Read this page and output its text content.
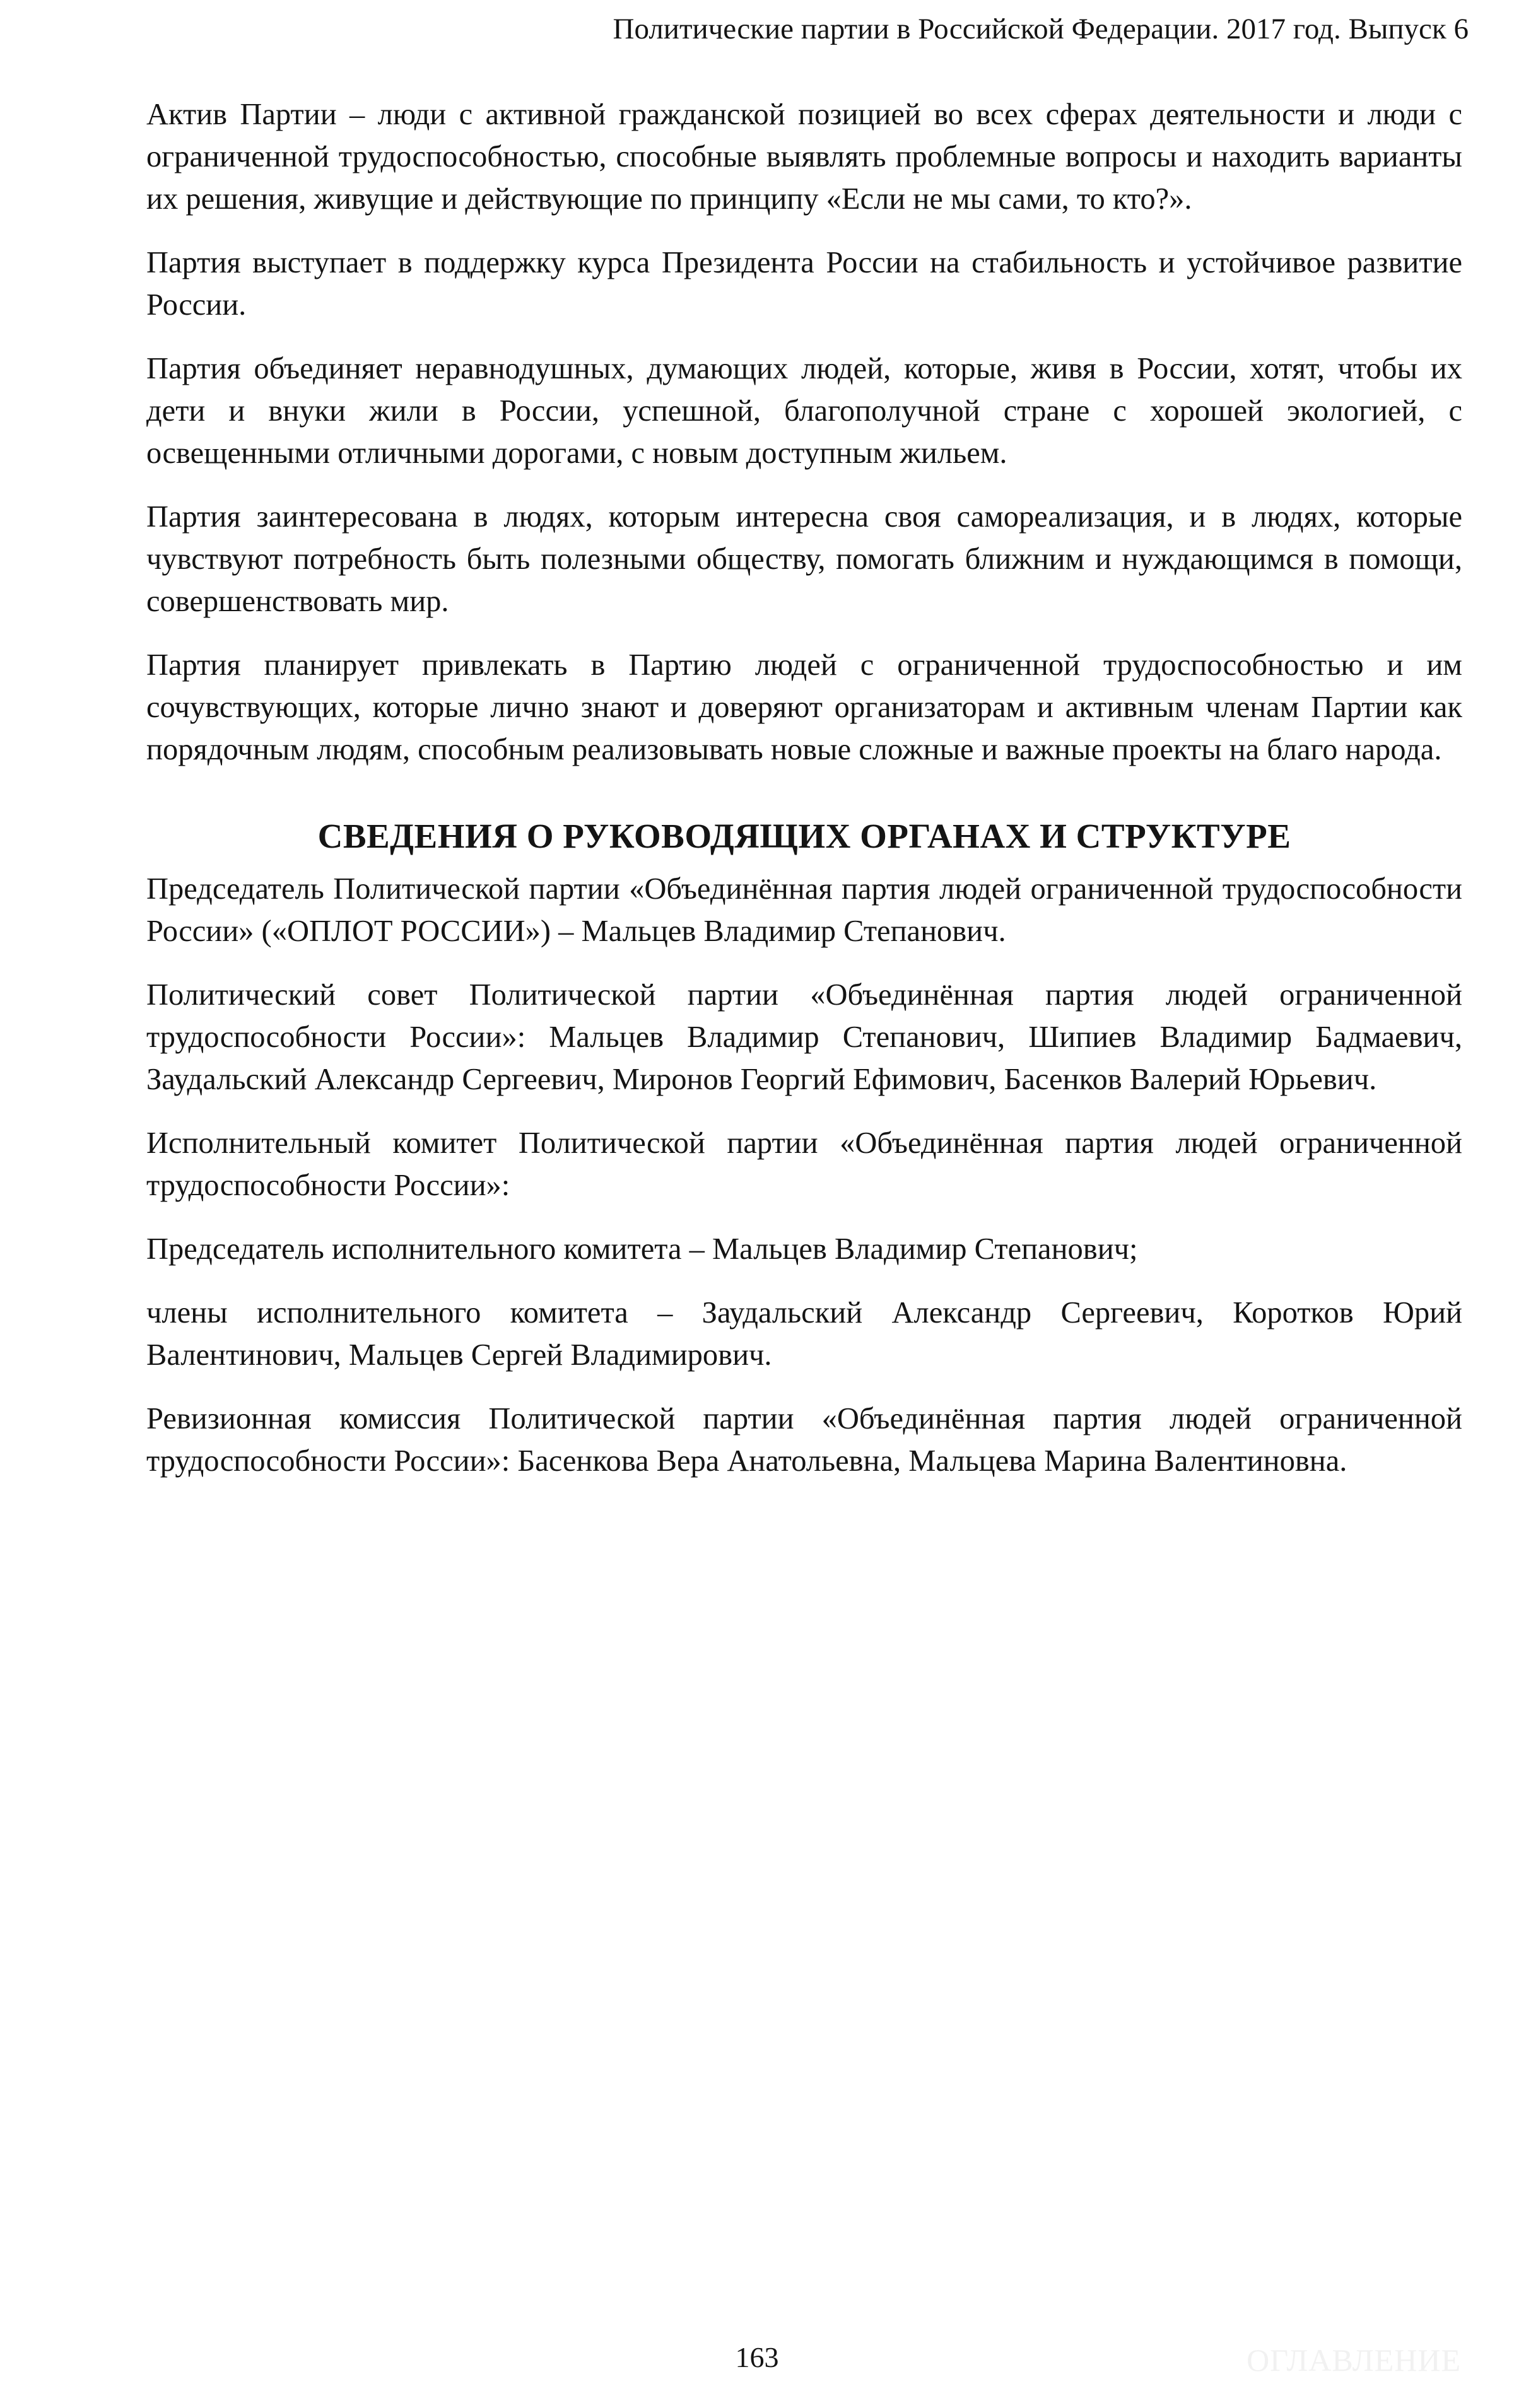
Политические партии в Российской Федерации. 2017 год. Выпуск 6

Актив Партии – люди с активной гражданской позицией во всех сферах деятельности и люди с ограниченной трудоспособностью, способные выявлять проблемные вопросы и находить варианты их решения, живущие и действующие по принципу «Если не мы сами, то кто?».

Партия выступает в поддержку курса Президента России на стабильность и устойчивое развитие России.

Партия объединяет неравнодушных, думающих людей, которые, живя в России, хотят, чтобы их дети и внуки жили в России, успешной, благополучной стране с хорошей экологией, с освещенными отличными дорогами, с новым доступным жильем.

Партия заинтересована в людях, которым интересна своя самореализация, и в людях, которые чувствуют потребность быть полезными обществу, помогать ближним и нуждающимся в помощи, совершенствовать мир.

Партия планирует привлекать в Партию людей с ограниченной трудоспособностью и им сочувствующих, которые лично знают и доверяют организаторам и активным членам Партии как порядочным людям, способным реализовывать новые сложные и важные проекты на благо народа.

СВЕДЕНИЯ О РУКОВОДЯЩИХ ОРГАНАХ И СТРУКТУРЕ

Председатель Политической партии «Объединённая партия людей ограниченной трудоспособности России» («ОПЛОТ РОССИИ») – Мальцев Владимир Степанович.

Политический совет Политической партии «Объединённая партия людей ограниченной трудоспособности России»: Мальцев Владимир Степанович, Шипиев Владимир Бадмаевич, Заудальский Александр Сергеевич, Миронов Георгий Ефимович, Басенков Валерий Юрьевич.

Исполнительный комитет Политической партии «Объединённая партия людей ограниченной трудоспособности России»:

Председатель исполнительного комитета – Мальцев Владимир Степанович;

члены исполнительного комитета – Заудальский Александр Сергеевич, Коротков Юрий Валентинович, Мальцев Сергей Владимирович.

Ревизионная комиссия Политической партии «Объединённая партия людей ограниченной трудоспособности России»: Басенкова Вера Анатольевна, Мальцева Марина Валентиновна.

163	ОГЛАВЛЕНИЕ
